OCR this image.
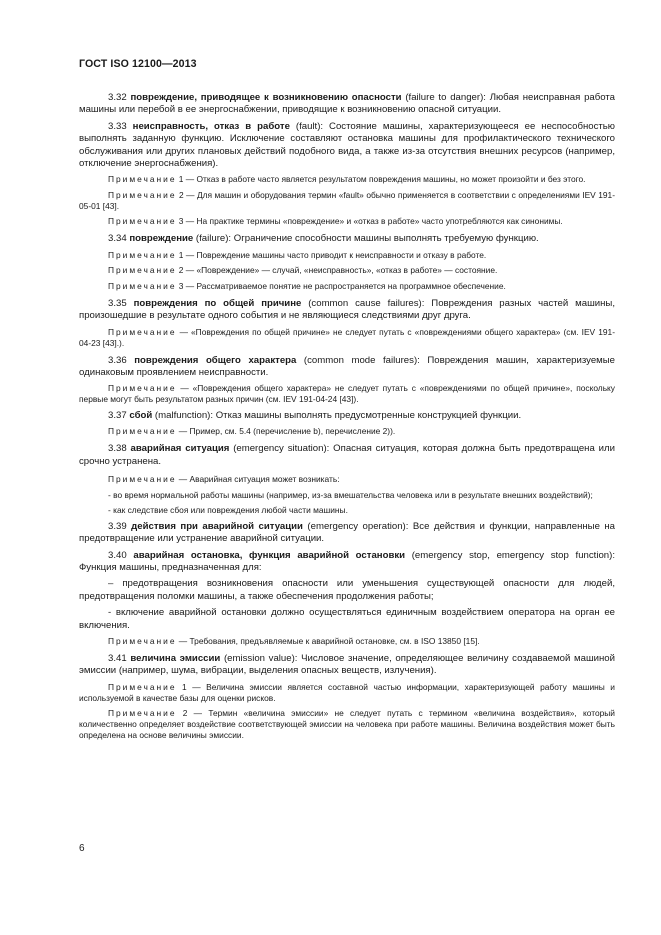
ГОСТ ISO 12100—2013

3.32 повреждение, приводящее к возникновению опасности (failure to danger): Любая неисправная работа машины или перебой в ее энергоснабжении, приводящие к возникновению опасной ситуации.

3.33 неисправность, отказ в работе (fault): Состояние машины, характеризующееся ее неспособностью выполнять заданную функцию. Исключение составляют остановка машины для профилактического технического обслуживания или других плановых действий подобного вида, а также из-за отсутствия внешних ресурсов (например, отключение энергоснабжения).

Примечание 1 — Отказ в работе часто является результатом повреждения машины, но может произойти и без этого.

Примечание 2 — Для машин и оборудования термин «fault» обычно применяется в соответствии с определениями IEV 191-05-01 [43].

Примечание 3 — На практике термины «повреждение» и «отказ в работе» часто употребляются как синонимы.

3.34 повреждение (failure): Ограничение способности машины выполнять требуемую функцию.

Примечание 1 — Повреждение машины часто приводит к неисправности и отказу в работе.

Примечание 2 — «Повреждение» — случай, «неисправность», «отказ в работе» — состояние.

Примечание 3 — Рассматриваемое понятие не распространяется на программное обеспечение.

3.35 повреждения по общей причине (common cause failures): Повреждения разных частей машины, произошедшие в результате одного события и не являющиеся следствиями друг друга.

Примечание — «Повреждения по общей причине» не следует путать с «повреждениями общего характера» (см. IEV 191-04-23 [43].).

3.36 повреждения общего характера (common mode failures): Повреждения машин, характеризуемые одинаковым проявлением неисправности.

Примечание — «Повреждения общего характера» не следует путать с «повреждениями по общей причине», поскольку первые могут быть результатом разных причин (см. IEV 191-04-24 [43]).

3.37 сбой (malfunction): Отказ машины выполнять предусмотренные конструкцией функции.

Примечание — Пример, см. 5.4 (перечисление b), перечисление 2)).

3.38 аварийная ситуация (emergency situation): Опасная ситуация, которая должна быть предотвращена или срочно устранена.

Примечание — Аварийная ситуация может возникать:

- во время нормальной работы машины (например, из-за вмешательства человека или в результате внешних воздействий);

- как следствие сбоя или повреждения любой части машины.

3.39 действия при аварийной ситуации (emergency operation): Все действия и функции, направленные на предотвращение или устранение аварийной ситуации.

3.40 аварийная остановка, функция аварийной остановки (emergency stop, emergency stop function): Функция машины, предназначенная для:

– предотвращения возникновения опасности или уменьшения существующей опасности для людей, предотвращения поломки машины, а также обеспечения продолжения работы;

- включение аварийной остановки должно осуществляться единичным воздействием оператора на орган ее включения.

Примечание — Требования, предъявляемые к аварийной остановке, см. в ISO 13850 [15].

3.41 величина эмиссии (emission value): Числовое значение, определяющее величину создаваемой машиной эмиссии (например, шума, вибрации, выделения опасных веществ, излучения).

Примечание 1 — Величина эмиссии является составной частью информации, характеризующей работу машины и используемой в качестве базы для оценки рисков.

Примечание 2 — Термин «величина эмиссии» не следует путать с термином «величина воздействия», который количественно определяет воздействие соответствующей эмиссии на человека при работе машины. Величина воздействия может быть определена на основе величины эмиссии.

6
